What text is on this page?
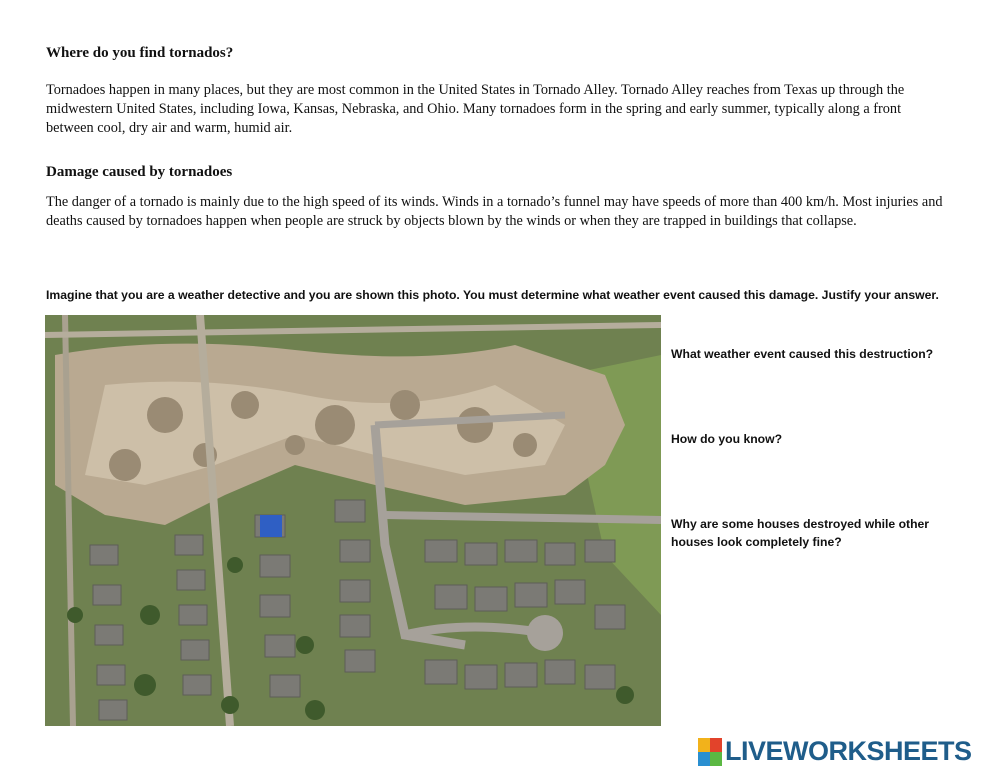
Where do you find tornados?
Tornadoes happen in many places, but they are most common in the United States in Tornado Alley. Tornado Alley reaches from Texas up through the midwestern United States, including Iowa, Kansas, Nebraska, and Ohio. Many tornadoes form in the spring and early summer, typically along a front between cool, dry air and warm, humid air.
Damage caused by tornadoes
The danger of a tornado is mainly due to the high speed of its winds. Winds in a tornado’s funnel may have speeds of more than 400 km/h. Most injuries and deaths caused by tornadoes happen when people are struck by objects blown by the winds or when they are trapped in buildings that collapse.
Imagine that you are a weather detective and you are shown this photo. You must determine what weather event caused this damage. Justify your answer.
What weather event caused this destruction?
How do you know?
Why are some houses destroyed while other houses look completely fine?
LIVEWORKSHEETS
